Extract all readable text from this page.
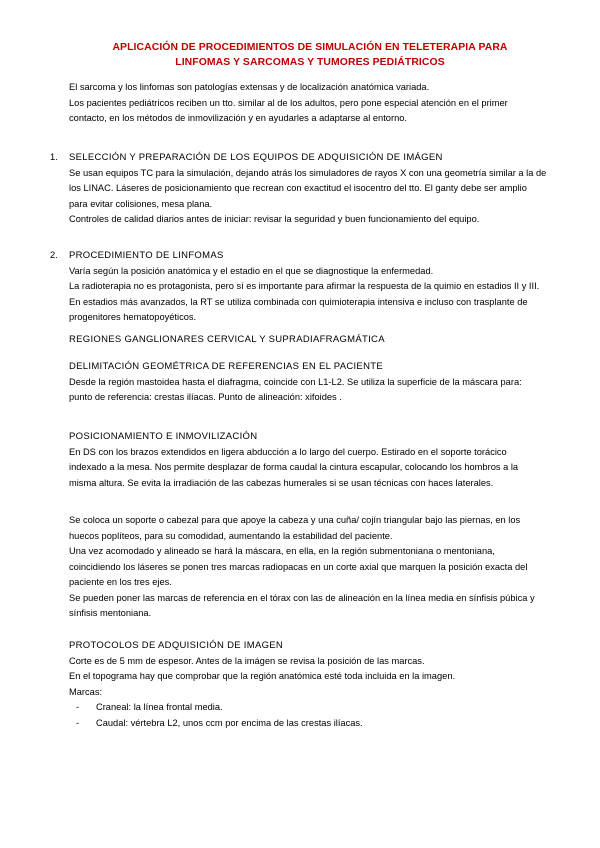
APLICACIÓN DE PROCEDIMIENTOS DE SIMULACIÓN EN TELETERAPIA PARA
LINFOMAS Y SARCOMAS Y TUMORES PEDIÁTRICOS

El sarcoma y los linfomas son patologías extensas y de localización anatómica variada.

Los pacientes pediátricos reciben un tto. similar al de los adultos, pero pone especial atención en el primer contacto, en los métodos de inmovilización y en ayudarles a adaptarse al entorno.

1. SELECCIÓN Y PREPARACIÓN DE LOS EQUIPOS DE ADQUISICIÓN DE IMÁGEN

Se usan equipos TC para la simulación, dejando atrás los simuladores de rayos X con una geometría similar a la de los LINAC. Láseres de posicionamiento que recrean con exactitud el isocentro del tto. El ganty debe ser amplio para evitar colisiones, mesa plana.

Controles de calidad diarios antes de iniciar: revisar la seguridad y buen funcionamiento del equipo.

2. PROCEDIMIENTO DE LINFOMAS

Varía según la posición anatómica y el estadio en el que se diagnostique la enfermedad.

La radioterapia no es protagonista, pero sí es importante para afirmar la respuesta de la quimio en estadios II y III. En estadios más avanzados, la RT se utiliza combinada con quimioterapia intensiva e incluso con trasplante de progenitores hematopoyéticos.

REGIONES GANGLIONARES CERVICAL Y SUPRADIAFRAGMÁTICA

DELIMITACIÓN GEOMÉTRICA DE REFERENCIAS EN EL PACIENTE

Desde la región mastoidea hasta el diafragma, coincide con L1-L2. Se utiliza la superficie de la máscara para: punto de referencia: crestas ilíacas. Punto de alineación: xifoides .

POSICIONAMIENTO E INMOVILIZACIÓN

En DS con los brazos extendidos en ligera abducción a lo largo del cuerpo. Estirado en el soporte torácico indexado a la mesa. Nos permite desplazar de forma caudal la cintura escapular, colocando los hombros a la misma altura. Se evita la irradiación de las cabezas humerales si se usan técnicas con haces laterales.

Se coloca un soporte o cabezal para que apoye la cabeza y una cuña/ cojín triangular bajo las piernas, en los huecos poplíteos, para su comodidad, aumentando la estabilidad del paciente.

Una vez acomodado y alineado se hará la máscara, en ella, en la región submentoniana o mentoniana, coincidiendo los láseres se ponen tres marcas radiopacas en un corte axial que marquen la posición exacta del paciente en los tres ejes.

Se pueden poner las marcas de referencia en el tórax con las de alineación en la línea media en sínfisis púbica y sínfisis mentoniana.

PROTOCOLOS DE ADQUISICIÓN DE IMAGEN

Corte es de 5 mm de espesor. Antes de la imágen se revisa la posición de las marcas.

En el topograma hay que comprobar que la región anatómica esté toda incluida en la imagen.

Marcas:

-	Craneal: la línea frontal media.
-	Caudal: vértebra L2, unos ccm por encima de las crestas ilíacas.
